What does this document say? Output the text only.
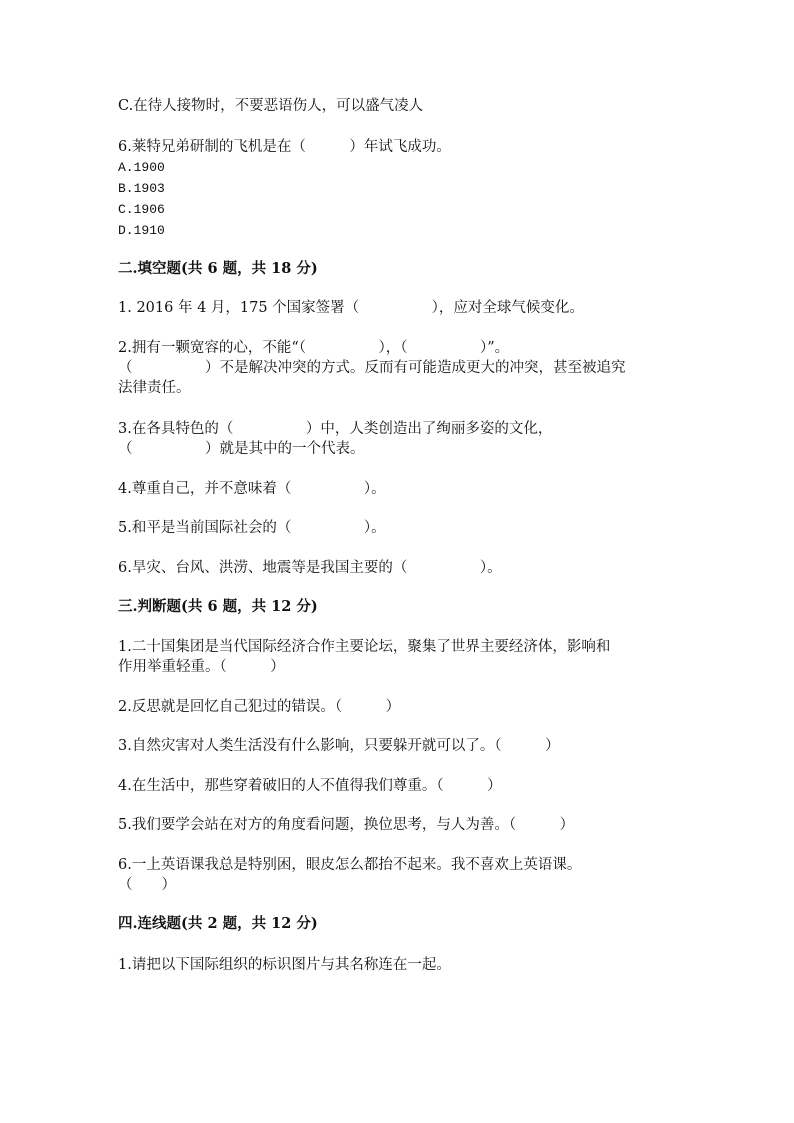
C.在待人接物时，不要恶语伤人，可以盛气凌人
6.莱特兄弟研制的飞机是在（　　　）年试飞成功。
A.1900
B.1903
C.1906
D.1910
二.填空题(共 6 题，共 18 分)
1. 2016 年 4 月，175 个国家签署（　　　　　），应对全球气候变化。
2.拥有一颗宽容的心，不能“（　　　　　），（　　　　　）”。
（　　　　　）不是解决冲突的方式。反而有可能造成更大的冲突，甚至被追究
法律责任。
3.在各具特色的（　　　　　）中，人类创造出了绚丽多姿的文化，
（　　　　　）就是其中的一个代表。
4.尊重自己，并不意味着（　　　　　）。
5.和平是当前国际社会的（　　　　　）。
6.旱灾、台风、洪涝、地震等是我国主要的（　　　　　）。
三.判断题(共 6 题，共 12 分)
1.二十国集团是当代国际经济合作主要论坛，聚集了世界主要经济体，影响和
作用举重轻重。（　　　）
2.反思就是回忆自己犯过的错误。（　　　）
3.自然灾害对人类生活没有什么影响，只要躲开就可以了。（　　　）
4.在生活中，那些穿着破旧的人不值得我们尊重。（　　　）
5.我们要学会站在对方的角度看问题，换位思考，与人为善。（　　　）
6.一上英语课我总是特别困，眼皮怎么都抬不起来。我不喜欢上英语课。
（　　）
四.连线题(共 2 题，共 12 分)
1.请把以下国际组织的标识图片与其名称连在一起。
